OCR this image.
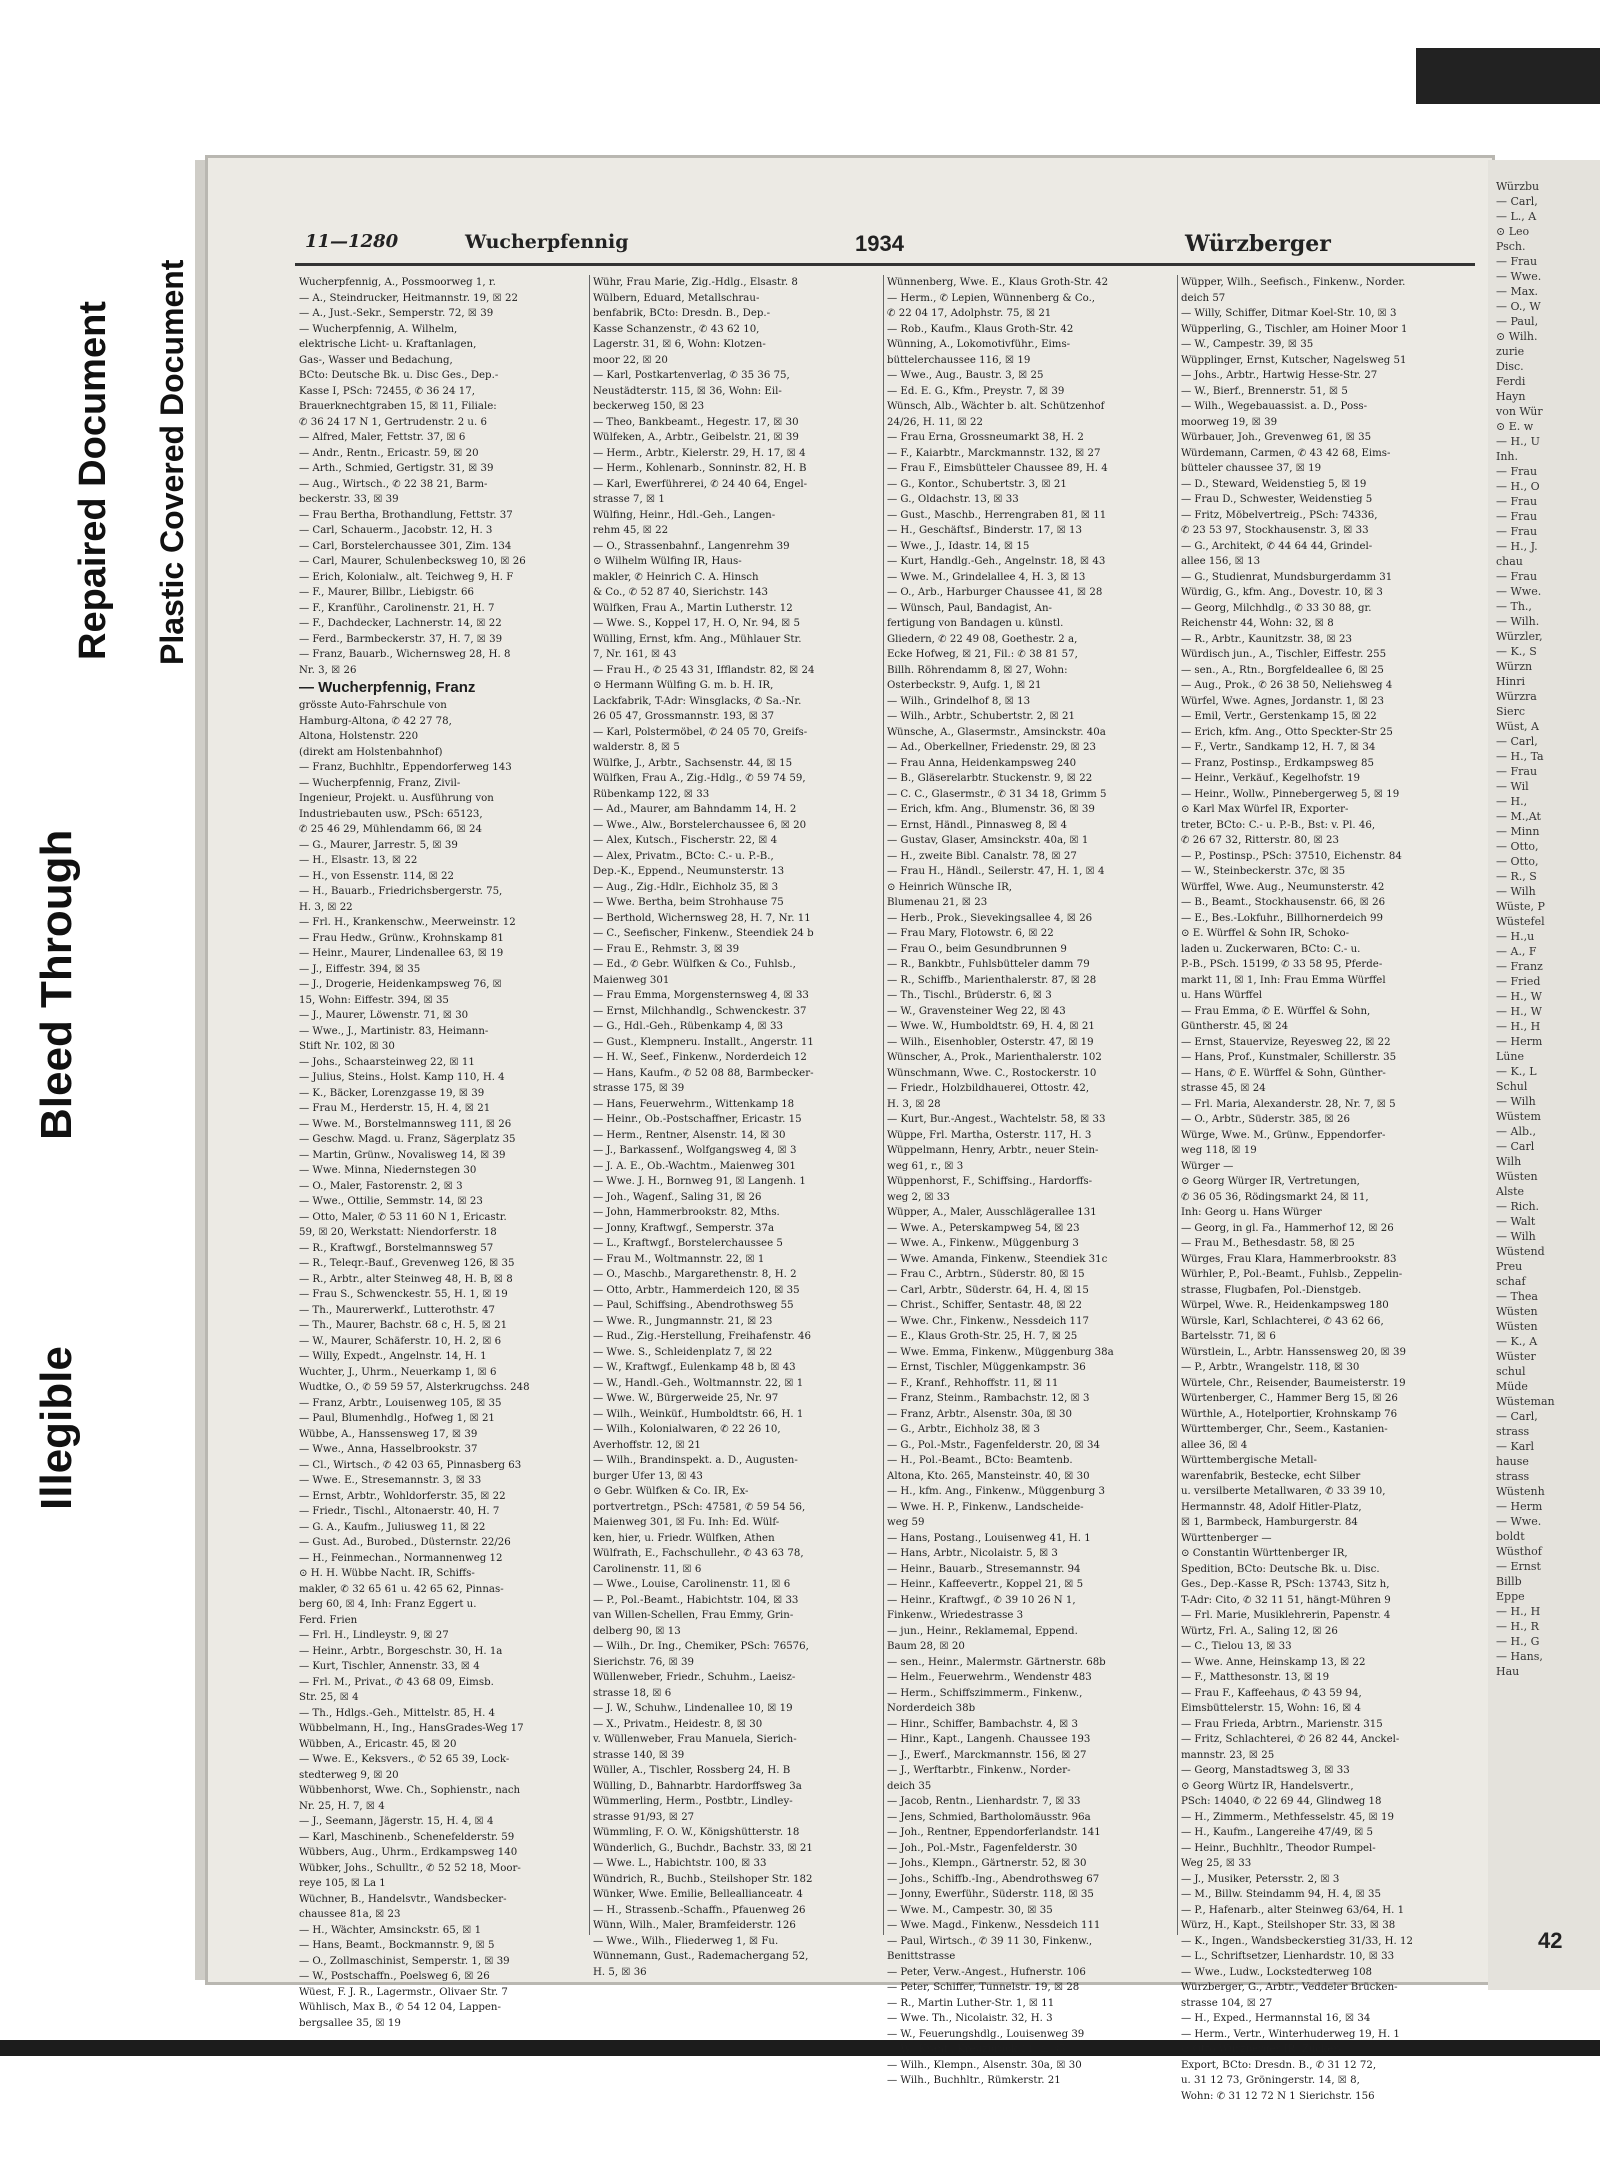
Illegible
Bleed Through
Repaired Document Plastic Covered Document
11—1280	Wucherpfennig	1934	Würzberger
Wucherpfennig, A., Possmoorweg 1, r.
— A., Steindrucker, Heitmannstr. 19, ☒ 22
— A., Just.-Sekr., Semperstr. 72, ☒ 39
— Wucherpfennig, A. Wilhelm,
elektrische Licht- u. Kraftanlagen,
Gas-, Wasser und Bedachung,
BCto: Deutsche Bk. u. Disc Ges., Dep.-
Kasse I, PSch: 72455, ✆ 36 24 17,
Brauerknechtgraben 15, ☒ 11, Filiale:
✆ 36 24 17 N 1, Gertrudenstr. 2 u. 6
— Alfred, Maler, Fettstr. 37, ☒ 6
— Andr., Rentn., Ericastr. 59, ☒ 20
— Arth., Schmied, Gertigstr. 31, ☒ 39
— Aug., Wirtsch., ✆ 22 38 21, Barm-
beckerstr. 33, ☒ 39
— Frau Bertha, Brothandlung, Fettstr. 37
— Carl, Schauerm., Jacobstr. 12, H. 3
— Carl, Borstelerchaussee 301, Zim. 134
— Carl, Maurer, Schulenbecksweg 10, ☒ 26
— Erich, Kolonialw., alt. Teichweg 9, H. F
— F., Maurer, Billbr., Liebigstr. 66
— F., Kranführ., Carolinenstr. 21, H. 7
— F., Dachdecker, Lachnerstr. 14, ☒ 22
— Ferd., Barmbeckerstr. 37, H. 7, ☒ 39
— Franz, Bauarb., Wichernsweg 28, H. 8
Nr. 3, ☒ 26
— Wucherpfennig, Franz
grösste Auto-Fahrschule von
Hamburg-Altona, ✆ 42 27 78,
Altona, Holstenstr. 220
(direkt am Holstenbahnhof)
— Franz, Buchhltr., Eppendorferweg 143
— Wucherpfennig, Franz, Zivil-
Ingenieur, Projekt. u. Ausführung von
Industriebauten usw., PSch: 65123,
✆ 25 46 29, Mühlendamm 66, ☒ 24
— G., Maurer, Jarrestr. 5, ☒ 39
— H., Elsastr. 13, ☒ 22
— H., von Essenstr. 114, ☒ 22
— H., Bauarb., Friedrichsbergerstr. 75,
H. 3, ☒ 22
— Frl. H., Krankenschw., Meerweinstr. 12
— Frau Hedw., Grünw., Krohnskamp 81
— Heinr., Maurer, Lindenallee 63, ☒ 19
— J., Eiffestr. 394, ☒ 35
— J., Drogerie, Heidenkampsweg 76, ☒
15, Wohn: Eiffestr. 394, ☒ 35
— J., Maurer, Löwenstr. 71, ☒ 30
— Wwe., J., Martinistr. 83, Heimann-
Stift Nr. 102, ☒ 30
— Johs., Schaarsteinweg 22, ☒ 11
— Julius, Steins., Holst. Kamp 110, H. 4
— K., Bäcker, Lorenzgasse 19, ☒ 39
— Frau M., Herderstr. 15, H. 4, ☒ 21
— Wwe. M., Borstelmannsweg 111, ☒ 26
— Geschw. Magd. u. Franz, Sägerplatz 35
— Martin, Grünw., Novalisweg 14, ☒ 39
— Wwe. Minna, Niedernstegen 30
— O., Maler, Fastorenstr. 2, ☒ 3
— Wwe., Ottilie, Semmstr. 14, ☒ 23
— Otto, Maler, ✆ 53 11 60 N 1, Ericastr.
59, ☒ 20, Werkstatt: Niendorferstr. 18
— R., Kraftwgf., Borstelmannsweg 57
— R., Teleqr.-Bauf., Grevenweg 126, ☒ 35
— R., Arbtr., alter Steinweg 48, H. B, ☒ 8
— Frau S., Schwenckestr. 55, H. 1, ☒ 19
— Th., Maurerwerkf., Lutterothstr. 47
— Th., Maurer, Bachstr. 68 c, H. 5, ☒ 21
— W., Maurer, Schäferstr. 10, H. 2, ☒ 6
— Willy, Expedt., Angelnstr. 14, H. 1
Wuchter, J., Uhrm., Neuerkamp 1, ☒ 6
Wudtke, O., ✆ 59 59 57, Alsterkrugchss. 248
— Franz, Arbtr., Louisenweg 105, ☒ 35
— Paul, Blumenhdlg., Hofweg 1, ☒ 21
Wübbe, A., Hanssensweg 17, ☒ 39
— Wwe., Anna, Hasselbrookstr. 37
— Cl., Wirtsch., ✆ 42 03 65, Pinnasberg 63
— Wwe. E., Stresemannstr. 3, ☒ 33
— Ernst, Arbtr., Wohldorferstr. 35, ☒ 22
— Friedr., Tischl., Altonaerstr. 40, H. 7
— G. A., Kaufm., Juliusweg 11, ☒ 22
— Gust. Ad., Burobed., Düsternstr. 22/26
— H., Feinmechan., Normannenweg 12
⊙ H. H. Wübbe Nacht. IR, Schiffs-
makler, ✆ 32 65 61 u. 42 65 62, Pinnas-
berg 60, ☒ 4, Inh: Franz Eggert u.
Ferd. Frien
— Frl. H., Lindleystr. 9, ☒ 27
— Heinr., Arbtr., Borgeschstr. 30, H. 1a
— Kurt, Tischler, Annenstr. 33, ☒ 4
— Frl. M., Privat., ✆ 43 68 09, Eimsb.
Str. 25, ☒ 4
— Th., Hdlgs.-Geh., Mittelstr. 85, H. 4
Wübbelmann, H., Ing., HansGrades-Weg 17
Wübben, A., Ericastr. 45, ☒ 20
— Wwe. E., Keksvers., ✆ 52 65 39, Lock-
stedterweg 9, ☒ 20
Wübbenhorst, Wwe. Ch., Sophienstr., nach
Nr. 25, H. 7, ☒ 4
— J., Seemann, Jägerstr. 15, H. 4, ☒ 4
— Karl, Maschinenb., Schenefelderstr. 59
Wübbers, Aug., Uhrm., Erdkampsweg 140
Wübker, Johs., Schulltr., ✆ 52 52 18, Moor-
reye 105, ☒ La 1
Wüchner, B., Handelsvtr., Wandsbecker-
chaussee 81a, ☒ 23
— H., Wächter, Amsinckstr. 65, ☒ 1
— Hans, Beamt., Bockmannstr. 9, ☒ 5
— O., Zollmaschinist, Semperstr. 1, ☒ 39
— W., Postschaffn., Poelsweg 6, ☒ 26
Wüest, F. J. R., Lagermstr., Olivaer Str. 7
Wühlisch, Max B., ✆ 54 12 04, Lappen-
bergsallee 35, ☒ 19
Wühr, Frau Marie, Zig.-Hdlg., Elsastr. 8
Wülbern, Eduard, Metallschrau-
benfabrik, BCto: Dresdn. B., Dep.-
Kasse Schanzenstr., ✆ 43 62 10,
Lagerstr. 31, ☒ 6, Wohn: Klotzen-
moor 22, ☒ 20
— Karl, Postkartenverlag, ✆ 35 36 75,
Neustädterstr. 115, ☒ 36, Wohn: Eil-
beckerweg 150, ☒ 23
— Theo, Bankbeamt., Hegestr. 17, ☒ 30
Wülfeken, A., Arbtr., Geibelstr. 21, ☒ 39
— Herm., Arbtr., Kielerstr. 29, H. 17, ☒ 4
— Herm., Kohlenarb., Sonninstr. 82, H. B
— Karl, Ewerführerei, ✆ 24 40 64, Engel-
strasse 7, ☒ 1
Wülfing, Heinr., Hdl.-Geh., Langen-
rehm 45, ☒ 22
— O., Strassenbahnf., Langenrehm 39
⊙ Wilhelm Wülfing IR, Haus-
makler, ✆ Heinrich C. A. Hinsch
& Co., ✆ 52 87 40, Sierichstr. 143
Wülfken, Frau A., Martin Lutherstr. 12
— Wwe. S., Koppel 17, H. O, Nr. 94, ☒ 5
Wülling, Ernst, kfm. Ang., Mühlauer Str.
7, Nr. 161, ☒ 43
— Frau H., ✆ 25 43 31, Ifflandstr. 82, ☒ 24
⊙ Hermann Wülfing G. m. b. H. IR,
Lackfabrik, T-Adr: Winsglacks, ✆ Sa.-Nr.
26 05 47, Grossmannstr. 193, ☒ 37
— Karl, Polstermöbel, ✆ 24 05 70, Greifs-
walderstr. 8, ☒ 5
Wülfke, J., Arbtr., Sachsenstr. 44, ☒ 15
Wülfken, Frau A., Zig.-Hdlg., ✆ 59 74 59,
Rübenkamp 122, ☒ 33
— Ad., Maurer, am Bahndamm 14, H. 2
— Wwe., Alw., Borstelerchaussee 6, ☒ 20
— Alex, Kutsch., Fischerstr. 22, ☒ 4
— Alex, Privatm., BCto: C.- u. P.-B.,
Dep.-K., Eppend., Neumunsterstr. 13
— Aug., Zig.-Hdlr., Eichholz 35, ☒ 3
— Wwe. Bertha, beim Strohhause 75
— Berthold, Wichernsweg 28, H. 7, Nr. 11
— C., Seefischer, Finkenw., Steendiek 24 b
— Frau E., Rehmstr. 3, ☒ 39
— Ed., ✆ Gebr. Wülfken & Co., Fuhlsb.,
Maienweg 301
— Frau Emma, Morgensternsweg 4, ☒ 33
— Ernst, Milchhandlg., Schwenckestr. 37
— G., Hdl.-Geh., Rübenkamp 4, ☒ 33
— Gust., Klempneru. Installt., Angerstr. 11
— H. W., Seef., Finkenw., Norderdeich 12
— Hans, Kaufm., ✆ 52 08 88, Barmbecker-
strasse 175, ☒ 39
— Hans, Feuerwehrm., Wittenkamp 18
— Heinr., Ob.-Postschaffner, Ericastr. 15
— Herm., Rentner, Alsenstr. 14, ☒ 30
— J., Barkassenf., Wolfgangsweg 4, ☒ 3
— J. A. E., Ob.-Wachtm., Maienweg 301
— Wwe. J. H., Bornweg 91, ☒ Langenh. 1
— Joh., Wagenf., Saling 31, ☒ 26
— John, Hammerbrookstr. 82, Mths.
— Jonny, Kraftwgf., Semperstr. 37a
— L., Kraftwgf., Borstelerchaussee 5
— Frau M., Woltmannstr. 22, ☒ 1
— O., Maschb., Margarethenstr. 8, H. 2
— Otto, Arbtr., Hammerdeich 120, ☒ 35
— Paul, Schiffsing., Abendrothsweg 55
— Wwe. R., Jungmannstr. 21, ☒ 23
— Rud., Zig.-Herstellung, Freihafenstr. 46
— Wwe. S., Schleidenplatz 7, ☒ 22
— W., Kraftwgf., Eulenkamp 48 b, ☒ 43
— W., Handl.-Geh., Woltmannstr. 22, ☒ 1
— Wwe. W., Bürgerweide 25, Nr. 97
— Wilh., Weinküf., Humboldtstr. 66, H. 1
— Wilh., Kolonialwaren, ✆ 22 26 10,
Averhoffstr. 12, ☒ 21
— Wilh., Brandinspekt. a. D., Augusten-
burger Ufer 13, ☒ 43
⊙ Gebr. Wülfken & Co. IR, Ex-
portvertretgn., PSch: 47581, ✆ 59 54 56,
Maienweg 301, ☒ Fu. Inh: Ed. Wülf-
ken, hier, u. Friedr. Wülfken, Athen
Wülfrath, E., Fachschullehr., ✆ 43 63 78,
Carolinenstr. 11, ☒ 6
— Wwe., Louise, Carolinenstr. 11, ☒ 6
— P., Pol.-Beamt., Habichtstr. 104, ☒ 33
van Willen-Schellen, Frau Emmy, Grin-
delberg 90, ☒ 13
— Wilh., Dr. Ing., Chemiker, PSch: 76576,
Sierichstr. 76, ☒ 39
Wüllenweber, Friedr., Schuhm., Laeisz-
strasse 18, ☒ 6
— J. W., Schuhw., Lindenallee 10, ☒ 19
— X., Privatm., Heidestr. 8, ☒ 30
v. Wüllenweber, Frau Manuela, Sierich-
strasse 140, ☒ 39
Wüller, A., Tischler, Rossberg 24, H. B
Wülling, D., Bahnarbtr. Hardorffsweg 3a
Wümmerling, Herm., Postbtr., Lindley-
strasse 91/93, ☒ 27
Wümmling, F. O. W., Königshütterstr. 18
Wünderlich, G., Buchdr., Bachstr. 33, ☒ 21
— Wwe. L., Habichtstr. 100, ☒ 33
Wündrich, R., Buchb., Steilshoper Str. 182
Wünker, Wwe. Emilie, Belleallianceatr. 4
— H., Strassenb.-Schaffn., Pfauenweg 26
Wünn, Wilh., Maler, Bramfeiderstr. 126
— Wwe., Wilh., Fliederweg 1, ☒ Fu.
Wünnemann, Gust., Rademachergang 52,
H. 5, ☒ 36
Wünnenberg, Wwe. E., Klaus Groth-Str. 42
— Herm., ✆ Lepien, Wünnenberg & Co.,
✆ 22 04 17, Adolphstr. 75, ☒ 21
— Rob., Kaufm., Klaus Groth-Str. 42
Wünning, A., Lokomotivführ., Eims-
büttelerchaussee 116, ☒ 19
— Wwe., Aug., Baustr. 3, ☒ 25
— Ed. E. G., Kfm., Preystr. 7, ☒ 39
Wünsch, Alb., Wächter b. alt. Schützenhof
24/26, H. 11, ☒ 22
— Frau Erna, Grossneumarkt 38, H. 2
— F., Kaiarbtr., Marckmannstr. 132, ☒ 27
— Frau F., Eimsbütteler Chaussee 89, H. 4
— G., Kontor., Schubertstr. 3, ☒ 21
— G., Oldachstr. 13, ☒ 33
— Gust., Maschb., Herrengraben 81, ☒ 11
— H., Geschäftsf., Binderstr. 17, ☒ 13
— Wwe., J., Idastr. 14, ☒ 15
— Kurt, Handlg.-Geh., Angelnstr. 18, ☒ 43
— Wwe. M., Grindelallee 4, H. 3, ☒ 13
— O., Arb., Harburger Chaussee 41, ☒ 28
— Wünsch, Paul, Bandagist, An-
fertigung von Bandagen u. künstl.
Gliedern, ✆ 22 49 08, Goethestr. 2 a,
Ecke Hofweg, ☒ 21, Fil.: ✆ 38 81 57,
Billh. Röhrendamm 8, ☒ 27, Wohn:
Osterbeckstr. 9, Aufg. 1, ☒ 21
— Wilh., Grindelhof 8, ☒ 13
— Wilh., Arbtr., Schubertstr. 2, ☒ 21
Wünsche, A., Glasermstr., Amsinckstr. 40a
— Ad., Oberkellner, Friedenstr. 29, ☒ 23
— Frau Anna, Heidenkampsweg 240
— B., Gläserelarbtr. Stuckenstr. 9, ☒ 22
— C. C., Glasermstr., ✆ 31 34 18, Grimm 5
— Erich, kfm. Ang., Blumenstr. 36, ☒ 39
— Ernst, Händl., Pinnasweg 8, ☒ 4
— Gustav, Glaser, Amsinckstr. 40a, ☒ 1
— H., zweite Bibl. Canalstr. 78, ☒ 27
— Frau H., Händl., Seilerstr. 47, H. 1, ☒ 4
⊙ Heinrich Wünsche IR,
Blumenau 21, ☒ 23
— Herb., Prok., Sievekingsallee 4, ☒ 26
— Frau Mary, Flotowstr. 6, ☒ 22
— Frau O., beim Gesundbrunnen 9
— R., Bankbtr., Fuhlsbütteler damm 79
— R., Schiffb., Marienthalerstr. 87, ☒ 28
— Th., Tischl., Brüderstr. 6, ☒ 3
— W., Gravensteiner Weg 22, ☒ 43
— Wwe. W., Humboldtstr. 69, H. 4, ☒ 21
— Wilh., Eisenhobler, Osterstr. 47, ☒ 19
Wünscher, A., Prok., Marienthalerstr. 102
Wünschmann, Wwe. C., Rostockerstr. 10
— Friedr., Holzbildhauerei, Ottostr. 42,
H. 3, ☒ 28
— Kurt, Bur.-Angest., Wachtelstr. 58, ☒ 33
Wüppe, Frl. Martha, Osterstr. 117, H. 3
Wüppelmann, Henry, Arbtr., neuer Stein-
weg 61, r., ☒ 3
Wüppenhorst, F., Schiffsing., Hardorffs-
weg 2, ☒ 33
Wüpper, A., Maler, Ausschlägerallee 131
— Wwe. A., Peterskampweg 54, ☒ 23
— Wwe. A., Finkenw., Müggenburg 3
— Wwe. Amanda, Finkenw., Steendiek 31c
— Frau C., Arbtrn., Süderstr. 80, ☒ 15
— Carl, Arbtr., Süderstr. 64, H. 4, ☒ 15
— Christ., Schiffer, Sentastr. 48, ☒ 22
— Wwe. Chr., Finkenw., Nessdeich 117
— E., Klaus Groth-Str. 25, H. 7, ☒ 25
— Wwe. Emma, Finkenw., Müggenburg 38a
— Ernst, Tischler, Müggenkampstr. 36
— F., Kranf., Rehhoffstr. 11, ☒ 11
— Franz, Steinm., Rambachstr. 12, ☒ 3
— Franz, Arbtr., Alsenstr. 30a, ☒ 30
— G., Arbtr., Eichholz 38, ☒ 3
— G., Pol.-Mstr., Fagenfelderstr. 20, ☒ 34
— H., Pol.-Beamt., BCto: Beamtenb.
Altona, Kto. 265, Mansteinstr. 40, ☒ 30
— H., kfm. Ang., Finkenw., Müggenburg 3
— Wwe. H. P., Finkenw., Landscheide-
weg 59
— Hans, Postang., Louisenweg 41, H. 1
— Hans, Arbtr., Nicolaistr. 5, ☒ 3
— Heinr., Bauarb., Stresemannstr. 94
— Heinr., Kaffeevertr., Koppel 21, ☒ 5
— Heinr., Kraftwgf., ✆ 39 10 26 N 1,
Finkenw., Wriedestrasse 3
— jun., Heinr., Reklamemal, Eppend.
Baum 28, ☒ 20
— sen., Heinr., Malermstr. Gärtnerstr. 68b
— Helm., Feuerwehrm., Wendenstr 483
— Herm., Schiffszimmerm., Finkenw.,
Norderdeich 38b
— Hinr., Schiffer, Bambachstr. 4, ☒ 3
— Hinr., Kapt., Langenh. Chaussee 193
— J., Ewerf., Marckmannstr. 156, ☒ 27
— J., Werftarbtr., Finkenw., Norder-
deich 35
— Jacob, Rentn., Lienhardstr. 7, ☒ 33
— Jens, Schmied, Bartholomäusstr. 96a
— Joh., Rentner, Eppendorferlandstr. 141
— Joh., Pol.-Mstr., Fagenfelderstr. 30
— Johs., Klempn., Gärtnerstr. 52, ☒ 30
— Johs., Schiffb.-Ing., Abendrothsweg 67
— Jonny, Ewerführ., Süderstr. 118, ☒ 35
— Wwe. M., Campestr. 30, ☒ 35
— Wwe. Magd., Finkenw., Nessdeich 111
— Paul, Wirtsch., ✆ 39 11 30, Finkenw.,
Benittstrasse
— Peter, Verw.-Angest., Hufnerstr. 106
— Peter, Schiffer, Tunnelstr. 19, ☒ 28
— R., Martin Luther-Str. 1, ☒ 11
— Wwe. Th., Nicolaistr. 32, H. 3
— W., Feuerungshdlg., Louisenweg 39
— W., Kranf., Kreuzbrook 11, ☒ 35
— Wilh., Klempn., Alsenstr. 30a, ☒ 30
— Wilh., Buchhltr., Rümkerstr. 21
Wüpper, Wilh., Seefisch., Finkenw., Norder.
deich 57
— Willy, Schiffer, Ditmar Koel-Str. 10, ☒ 3
Wüpperling, G., Tischler, am Hoiner Moor 1
— W., Campestr. 39, ☒ 35
Wüpplinger, Ernst, Kutscher, Nagelsweg 51
— Johs., Arbtr., Hartwig Hesse-Str. 27
— W., Bierf., Brennerstr. 51, ☒ 5
— Wilh., Wegebauassist. a. D., Poss-
moorweg 19, ☒ 39
Würbauer, Joh., Grevenweg 61, ☒ 35
Würdemann, Carmen, ✆ 43 42 68, Eims-
bütteler chaussee 37, ☒ 19
— D., Steward, Weidenstieg 5, ☒ 19
— Frau D., Schwester, Weidenstieg 5
— Fritz, Möbelvertreig., PSch: 74336,
✆ 23 53 97, Stockhausenstr. 3, ☒ 33
— G., Architekt, ✆ 44 64 44, Grindel-
allee 156, ☒ 13
— G., Studienrat, Mundsburgerdamm 31
Würdig, G., kfm. Ang., Dovestr. 10, ☒ 3
— Georg, Milchhdlg., ✆ 33 30 88, gr.
Reichenstr 44, Wohn: 32, ☒ 8
— R., Arbtr., Kaunitzstr. 38, ☒ 23
Würdisch jun., A., Tischler, Eiffestr. 255
— sen., A., Rtn., Borgfeldeallee 6, ☒ 25
— Aug., Prok., ✆ 26 38 50, Neliehsweg 4
Würfel, Wwe. Agnes, Jordanstr. 1, ☒ 23
— Emil, Vertr., Gerstenkamp 15, ☒ 22
— Erich, kfm. Ang., Otto Speckter-Str 25
— F., Vertr., Sandkamp 12, H. 7, ☒ 34
— Franz, Postinsp., Erdkampsweg 85
— Heinr., Verkäuf., Kegelhofstr. 19
— Heinr., Wollw., Pinnebergerweg 5, ☒ 19
⊙ Karl Max Würfel IR, Exporter-
treter, BCto: C.- u. P.-B., Bst: v. Pl. 46,
✆ 26 67 32, Ritterstr. 80, ☒ 23
— P., Postinsp., PSch: 37510, Eichenstr. 84
— W., Steinbeckerstr. 37c, ☒ 35
Würffel, Wwe. Aug., Neumunsterstr. 42
— B., Beamt., Stockhausenstr. 66, ☒ 26
— E., Bes.-Lokfuhr., Billhornerdeich 99
⊙ E. Würffel & Sohn IR, Schoko-
laden u. Zuckerwaren, BCto: C.- u.
P.-B., PSch. 15199, ✆ 33 58 95, Pferde-
markt 11, ☒ 1, Inh: Frau Emma Würffel
u. Hans Würffel
— Frau Emma, ✆ E. Würffel & Sohn,
Güntherstr. 45, ☒ 24
— Ernst, Stauervize, Reyesweg 22, ☒ 22
— Hans, Prof., Kunstmaler, Schillerstr. 35
— Hans, ✆ E. Würffel & Sohn, Günther-
strasse 45, ☒ 24
— Frl. Maria, Alexanderstr. 28, Nr. 7, ☒ 5
— O., Arbtr., Süderstr. 385, ☒ 26
Würge, Wwe. M., Grünw., Eppendorfer-
weg 118, ☒ 19
Würger —
⊙ Georg Würger IR, Vertretungen,
✆ 36 05 36, Rödingsmarkt 24, ☒ 11,
Inh: Georg u. Hans Würger
— Georg, in gl. Fa., Hammerhof 12, ☒ 26
— Frau M., Bethesdastr. 58, ☒ 25
Würges, Frau Klara, Hammerbrookstr. 83
Würhler, P., Pol.-Beamt., Fuhlsb., Zeppelin-
strasse, Flugbafen, Pol.-Dienstgeb.
Würpel, Wwe. R., Heidenkampsweg 180
Würsle, Karl, Schlachterei, ✆ 43 62 66,
Bartelsstr. 71, ☒ 6
Würstlein, L., Arbtr. Hanssensweg 20, ☒ 39
— P., Arbtr., Wrangelstr. 118, ☒ 30
Würtele, Chr., Reisender, Baumeisterstr. 19
Würtenberger, C., Hammer Berg 15, ☒ 26
Würthle, A., Hotelportier, Krohnskamp 76
Württemberger, Chr., Seem., Kastanien-
allee 36, ☒ 4
Württembergische Metall-
warenfabrik, Bestecke, echt Silber
u. versilberte Metallwaren, ✆ 33 39 10,
Hermannstr. 48, Adolf Hitler-Platz,
☒ 1, Barmbeck, Hamburgerstr. 84
Württenberger —
⊙ Constantin Württenberger IR,
Spedition, BCto: Deutsche Bk. u. Disc.
Ges., Dep.-Kasse R, PSch: 13743, Sitz h,
T-Adr: Cito, ✆ 32 11 51, hängt-Mühren 9
— Frl. Marie, Musiklehrerin, Papenstr. 4
Würtz, Frl. A., Saling 12, ☒ 26
— C., Tielou 13, ☒ 33
— Wwe. Anne, Heinskamp 13, ☒ 22
— F., Matthesonstr. 13, ☒ 19
— Frau F., Kaffeehaus, ✆ 43 59 94,
Eimsbüttelerstr. 15, Wohn: 16, ☒ 4
— Frau Frieda, Arbtrn., Marienstr. 315
— Fritz, Schlachterei, ✆ 26 82 44, Anckel-
mannstr. 23, ☒ 25
— Georg, Manstadtsweg 3, ☒ 33
⊙ Georg Würtz IR, Handelsvertr.,
PSch: 14040, ✆ 22 69 44, Glindweg 18
— H., Zimmerm., Methfesselstr. 45, ☒ 19
— H., Kaufm., Langereihe 47/49, ☒ 5
— Heinr., Buchhltr., Theodor Rumpel-
Weg 25, ☒ 33
— J., Musiker, Petersstr. 2, ☒ 3
— M., Billw. Steindamm 94, H. 4, ☒ 35
— P., Hafenarb., alter Steinweg 63/64, H. 1
Würz, H., Kapt., Steilshoper Str. 33, ☒ 38
— K., Ingen., Wandsbeckerstieg 31/33, H. 12
— L., Schriftsetzer, Lienhardstr. 10, ☒ 33
— Wwe., Ludw., Lockstedterweg 108
Würzberger, G., Arbtr., Veddeler Brücken-
strasse 104, ☒ 27
— H., Exped., Hermannstal 16, ☒ 34
— Herm., Vertr., Winterhuderweg 19, H. 1
⊙ Otto Würzberger IR, Zucker-
Export, BCto: Dresdn. B., ✆ 31 12 72,
u. 31 12 73, Gröningerstr. 14, ☒ 8,
Wohn: ✆ 31 12 72 N 1 Sierichstr. 156
Würzbu
— Carl,
— L., A
⊙ Leo
Psch.
— Frau
— Wwe.
— Max.
— O., W
— Paul,
⊙ Wilh.
zurie
Disc.
Ferdi
Hayn
von Wür
⊙ E. w
— H., U
Inh.
— Frau
— H., O
— Frau
— Frau
— Frau
— H., J.
chau
— Frau
— Wwe.
— Th.,
— Wilh.
Würzler,
— K., S
Würzn
Hinri
Würzra
Sierc
Wüst, A
— Carl,
— H., Ta
— Frau
— Wil
— H.,
— M.,At
— Minn
— Otto,
— Otto,
— R., S
— Wilh
Wüste, P
Wüstefel
— H.,u
— A., F
— Franz
— Fried
— H., W
— H., W
— H., H
— Herm
Lüne
— K., L
Schul
— Wilh
Wüstem
— Alb.,
— Carl
Wilh
Wüsten
Alste
— Rich.
— Walt
— Wilh
Wüstend
Preu
schaf
— Thea
Wüsten
Wüsten
— K., A
Wüster
schul
Müde
Wüsteman
— Carl,
strass
— Karl
hause
strass
Wüstenh
— Herm
— Wwe.
boldt
Wüsthof
— Ernst
Billb
Eppe
— H., H
— H., R
— H., G
— Hans,
Hau
42
